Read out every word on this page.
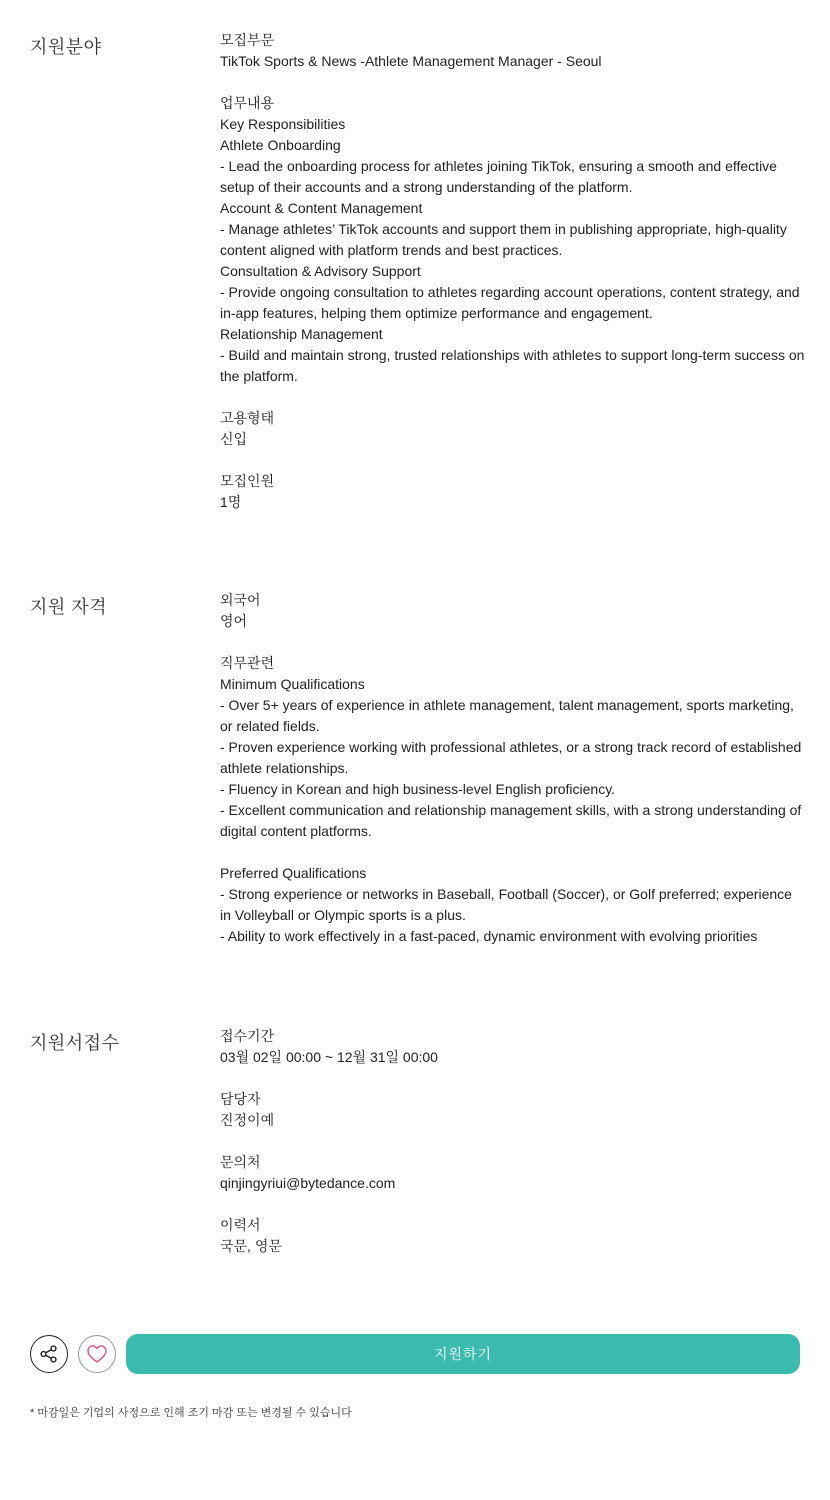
지원분야	모집부문
TikTok Sports & News -Athlete Management Manager - Seoul
업무내용
Key Responsibilities
Athlete Onboarding
- Lead the onboarding process for athletes joining TikTok, ensuring a smooth and effective setup of their accounts and a strong understanding of the platform.
Account & Content Management
- Manage athletes’ TikTok accounts and support them in publishing appropriate, high-quality content aligned with platform trends and best practices.
Consultation & Advisory Support
- Provide ongoing consultation to athletes regarding account operations, content strategy, and in-app features, helping them optimize performance and engagement.
Relationship Management
- Build and maintain strong, trusted relationships with athletes to support long-term success on the platform.
고용형태
신입
모집인원
1명
지원 자격	외국어
영어
직무관련
Minimum Qualifications
- Over 5+ years of experience in athlete management, talent management, sports marketing, or related fields.
- Proven experience working with professional athletes, or a strong track record of established athlete relationships.
- Fluency in Korean and high business-level English proficiency.
- Excellent communication and relationship management skills, with a strong understanding of digital content platforms.
Preferred Qualifications
- Strong experience or networks in Baseball, Football (Soccer), or Golf preferred; experience in Volleyball or Olympic sports is a plus.
- Ability to work effectively in a fast-paced, dynamic environment with evolving priorities
지원서접수	접수기간
03월 02일 00:00 ~ 12월 31일 00:00
담당자
진정이예
문의처
qinjingyriui@bytedance.com
이력서
국문, 영문
지원하기
* 마감일은 기업의 사정으로 인해 조기 마감 또는 변경될 수 있습니다
